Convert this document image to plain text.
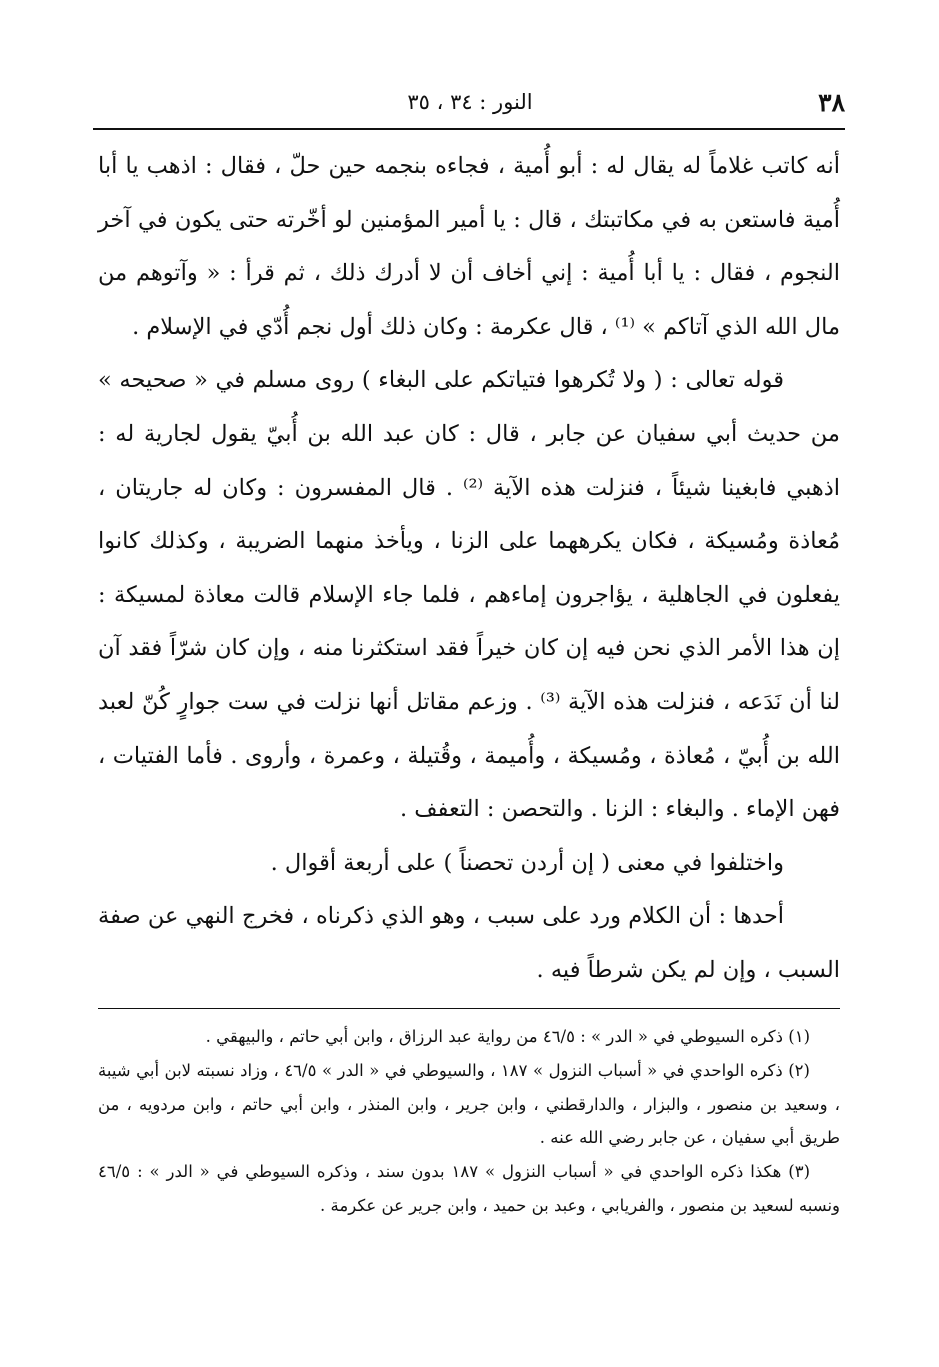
٣٨
النور : ٣٤ ، ٣٥

أنه كاتب غلاماً له يقال له : أبو أُمية ، فجاءه بنجمه حين حلّ ، فقال : اذهب يا أبا أُمية فاستعن به في مكاتبتك ، قال : يا أمير المؤمنين لو أخّرته حتى يكون في آخر النجوم ، فقال : يا أبا أُمية : إني أخاف أن لا أدرك ذلك ، ثم قرأ : « وآتوهم من مال الله الذي آتاكم » ⁽¹⁾ ، قال عكرمة : وكان ذلك أول نجم أُدّي في الإسلام .

قوله تعالى : ( ولا تُكرهوا فتياتكم على البغاء ) روى مسلم في « صحيحه » من حديث أبي سفيان عن جابر ، قال : كان عبد الله بن أُبيّ يقول لجارية له : اذهبي فابغينا شيئاً ، فنزلت هذه الآية ⁽²⁾ . قال المفسرون : وكان له جاريتان ، مُعاذة ومُسيكة ، فكان يكرههما على الزنا ، ويأخذ منهما الضريبة ، وكذلك كانوا يفعلون في الجاهلية ، يؤاجرون إماءهم ، فلما جاء الإسلام قالت معاذة لمسيكة : إن هذا الأمر الذي نحن فيه إن كان خيراً فقد استكثرنا منه ، وإن كان شرّاً فقد آن لنا أن نَدَعه ، فنزلت هذه الآية ⁽³⁾ . وزعم مقاتل أنها نزلت في ست جوارٍ كُنّ لعبد الله بن أُبيّ ، مُعاذة ، ومُسيكة ، وأُميمة ، وقُتيلة ، وعمرة ، وأروى . فأما الفتيات ، فهن الإماء . والبغاء : الزنا . والتحصن : التعفف .

واختلفوا في معنى ( إن أردن تحصناً ) على أربعة أقوال .

أحدها : أن الكلام ورد على سبب ، وهو الذي ذكرناه ، فخرج النهي عن صفة السبب ، وإن لم يكن شرطاً فيه .

(١) ذكره السيوطي في « الدر » : ٤٦/٥ من رواية عبد الرزاق ، وابن أبي حاتم ، والبيهقي .

(٢) ذكره الواحدي في « أسباب النزول » ١٨٧ ، والسيوطي في « الدر » ٤٦/٥ ، وزاد نسبته لابن أبي شيبة ، وسعيد بن منصور ، والبزار ، والدارقطني ، وابن جرير ، وابن المنذر ، وابن أبي حاتم ، وابن مردويه ، من طريق أبي سفيان ، عن جابر رضي الله عنه .

(٣) هكذا ذكره الواحدي في « أسباب النزول » ١٨٧ بدون سند ، وذكره السيوطي في « الدر » : ٤٦/٥ ونسبه لسعيد بن منصور ، والفريابي ، وعبد بن حميد ، وابن جرير عن عكرمة .
